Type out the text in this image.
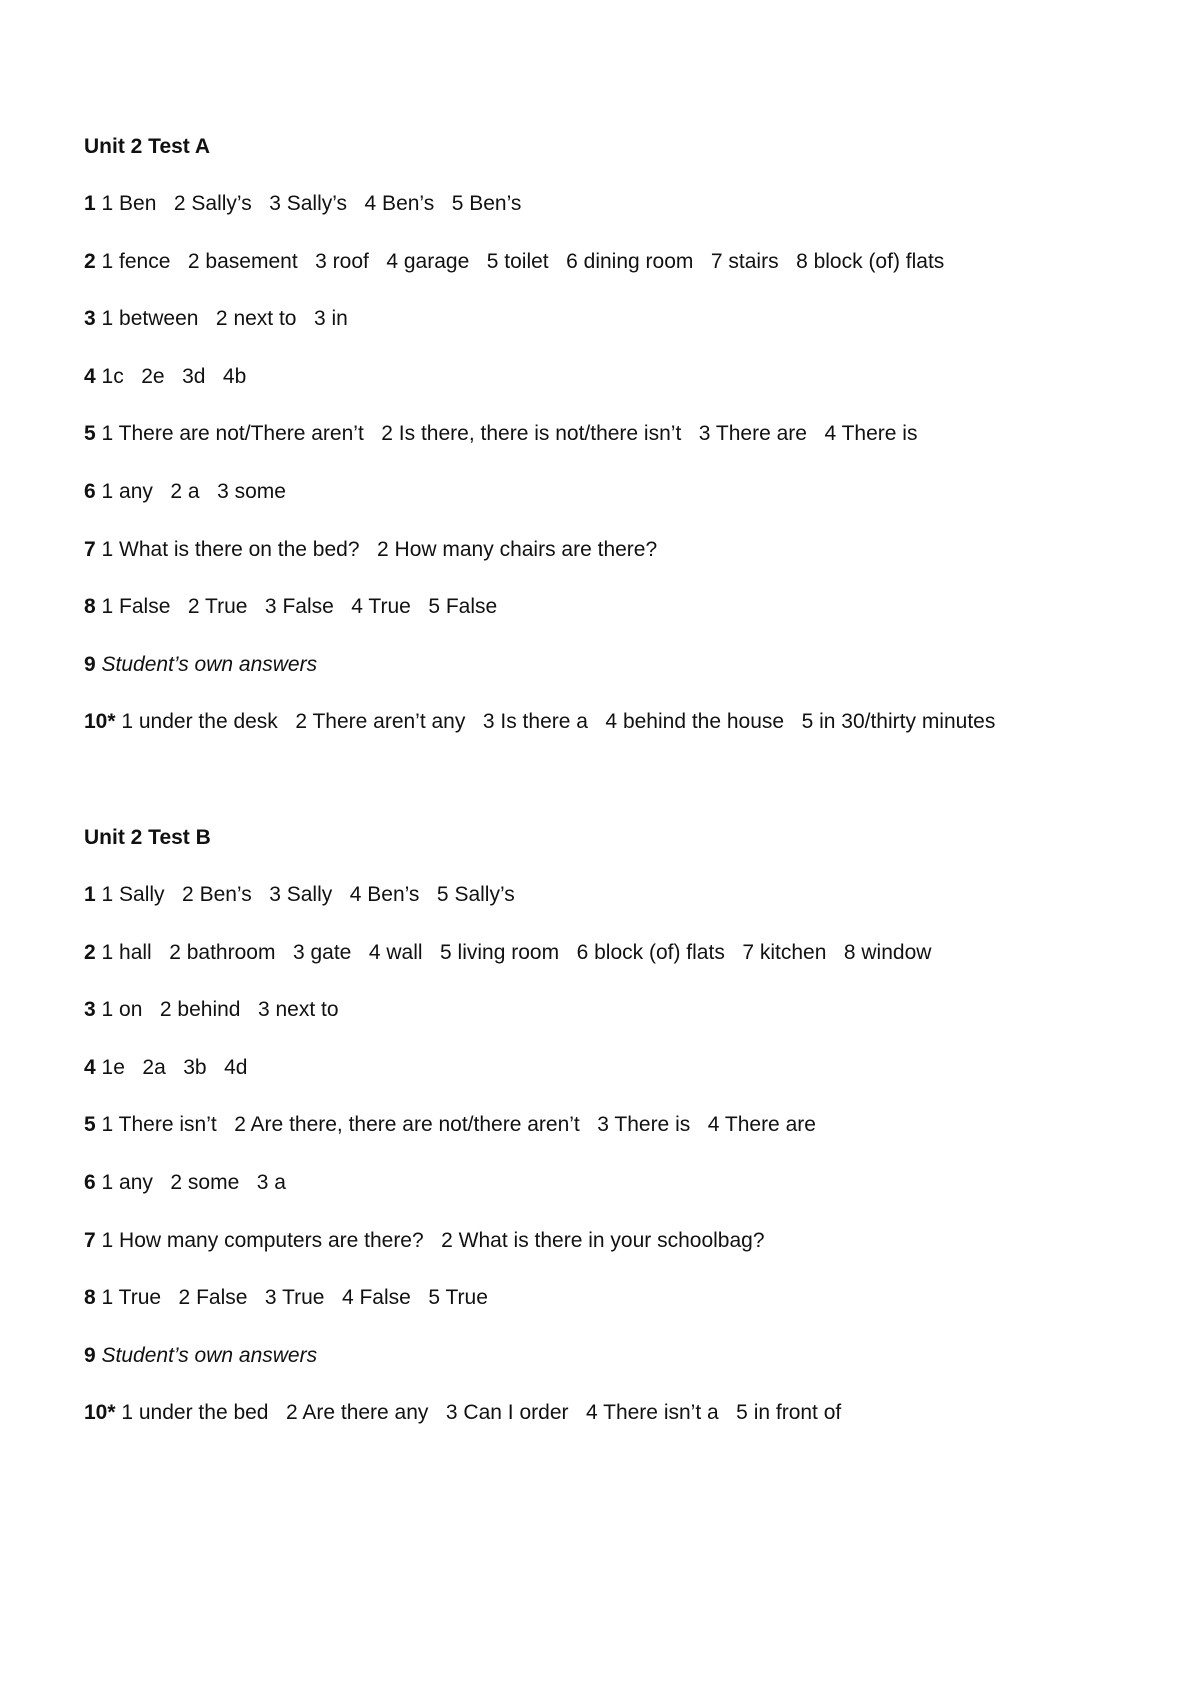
Unit 2 Test A
1 1 Ben   2 Sally’s   3 Sally’s   4 Ben’s   5 Ben’s
2 1 fence   2 basement   3 roof   4 garage   5 toilet   6 dining room   7 stairs   8 block (of) flats
3 1 between   2 next to   3 in
4 1c   2e   3d   4b
5 1 There are not/There aren’t   2 Is there, there is not/there isn’t   3 There are   4 There is
6 1 any   2 a   3 some
7 1 What is there on the bed?   2 How many chairs are there?
8 1 False   2 True   3 False   4 True   5 False
9 Student’s own answers
10* 1 under the desk   2 There aren’t any   3 Is there a   4 behind the house   5 in 30/thirty minutes
Unit 2 Test B
1 1 Sally   2 Ben’s   3 Sally   4 Ben’s   5 Sally’s
2 1 hall   2 bathroom   3 gate   4 wall   5 living room   6 block (of) flats   7 kitchen   8 window
3 1 on   2 behind   3 next to
4 1e   2a   3b   4d
5 1 There isn’t   2 Are there, there are not/there aren’t   3 There is   4 There are
6 1 any   2 some   3 a
7 1 How many computers are there?   2 What is there in your schoolbag?
8 1 True   2 False   3 True   4 False   5 True
9 Student’s own answers
10* 1 under the bed   2 Are there any   3 Can I order   4 There isn’t a   5 in front of
